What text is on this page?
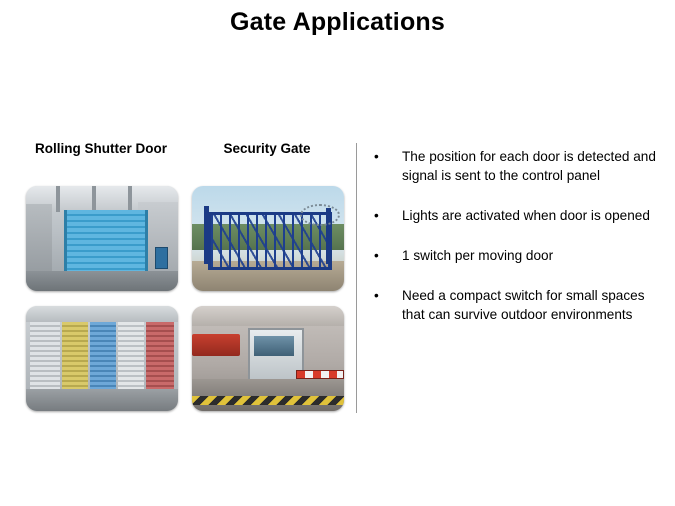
Gate Applications
Rolling Shutter Door	Security Gate
• The position for each door is detected and signal is sent to the control panel
• Lights are activated when door is opened
• 1 switch per moving door
• Need a compact switch for small spaces that can survive outdoor environments
